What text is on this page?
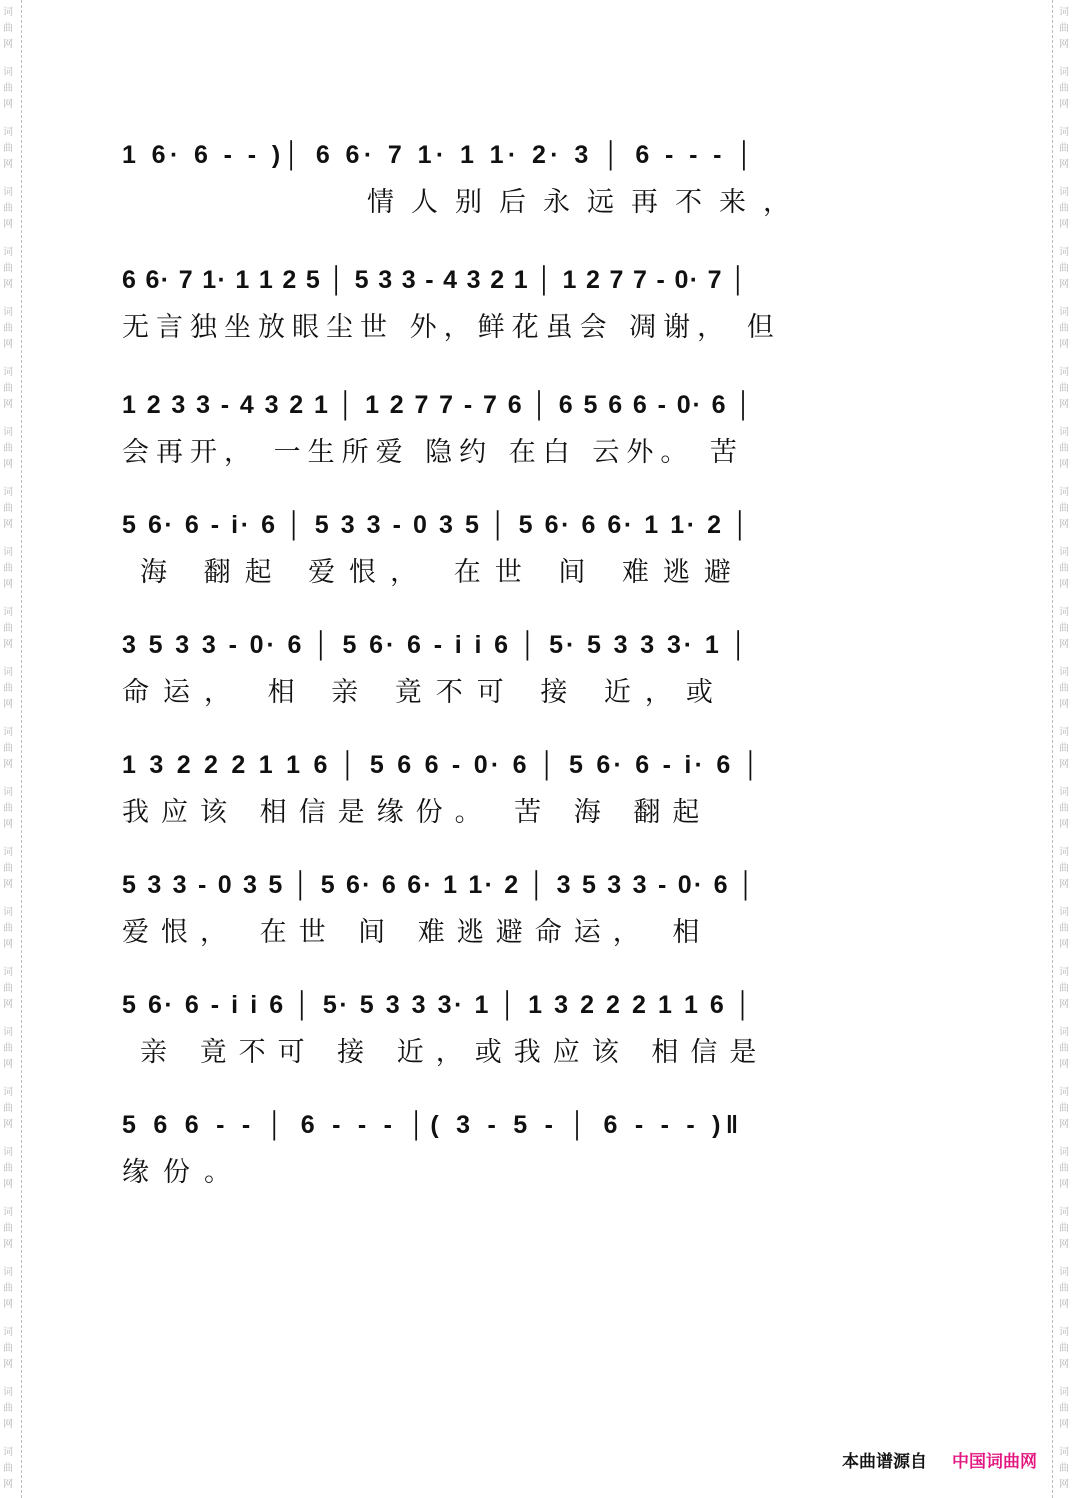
词
曲
网
词
曲
网
词
曲
网
词
曲
网
词
曲
网
词
曲
网
词
曲
网
词
曲
网
词
曲
网
词
曲
网
词
曲
网
词
曲
网
词
曲
网
词
曲
网
词
曲
网
词
曲
网
词
曲
网
词
曲
网
词
曲
网
词
曲
网
词
曲
网
词
曲
网
词
曲
网
词
曲
网
词
曲
网
词
曲
网
词
曲
网
词
曲
网
词
曲
网
词
曲
网
词
曲
网
词
曲
网
词
曲
网
词
曲
网
词
曲
网
词
曲
网
词
曲
网
词
曲
网
词
曲
网
词
曲
网
词
曲
网
词
曲
网
词
曲
网
词
曲
网
词
曲
网
词
曲
网
词
曲
网
词
曲
网
词
曲
网
词
曲
网
1 6· 6 - - )│ 6 6· 7 1· 1 1· 2· 3 │ 6 - - - │
情人别后永远再不来，
6 6· 7 1· 1 1 2 5 │ 5 3 3 - 4 3 2 1 │ 1 2 7 7 - 0· 7 │
无言独坐放眼尘世 外，鲜花虽会 凋谢， 但
1 2 3 3 - 4 3 2 1 │ 1 2 7 7 - 7 6 │ 6 5 6 6 - 0· 6 │
会再开， 一生所爱 隐约 在白 云外。 苦
5 6· 6 - i· 6 │ 5 3 3 - 0 3 5 │ 5 6· 6 6· 1 1· 2 │
海 翻起 爱恨， 在世 间 难逃避
3 5 3 3 - 0· 6 │ 5 6· 6 - i i 6 │ 5· 5 3 3 3· 1 │
命运， 相 亲 竟不可 接 近，或
1 3 2 2 2 1 1 6 │ 5 6 6 - 0· 6 │ 5 6· 6 - i· 6 │
我应该 相信是缘份。 苦 海 翻起
5 3 3 - 0 3 5 │ 5 6· 6 6· 1 1· 2 │ 3 5 3 3 - 0· 6 │
爱恨， 在世 间 难逃避命运， 相
5 6· 6 - i i 6 │ 5· 5 3 3 3· 1 │ 1 3 2 2 2 1 1 6 │
亲 竟不可 接 近，或我应该 相信是
5 6 6 - - │ 6 - - - │( 3 - 5 - │ 6 - - - )‖
缘份。
本曲谱源自 中国词曲网
